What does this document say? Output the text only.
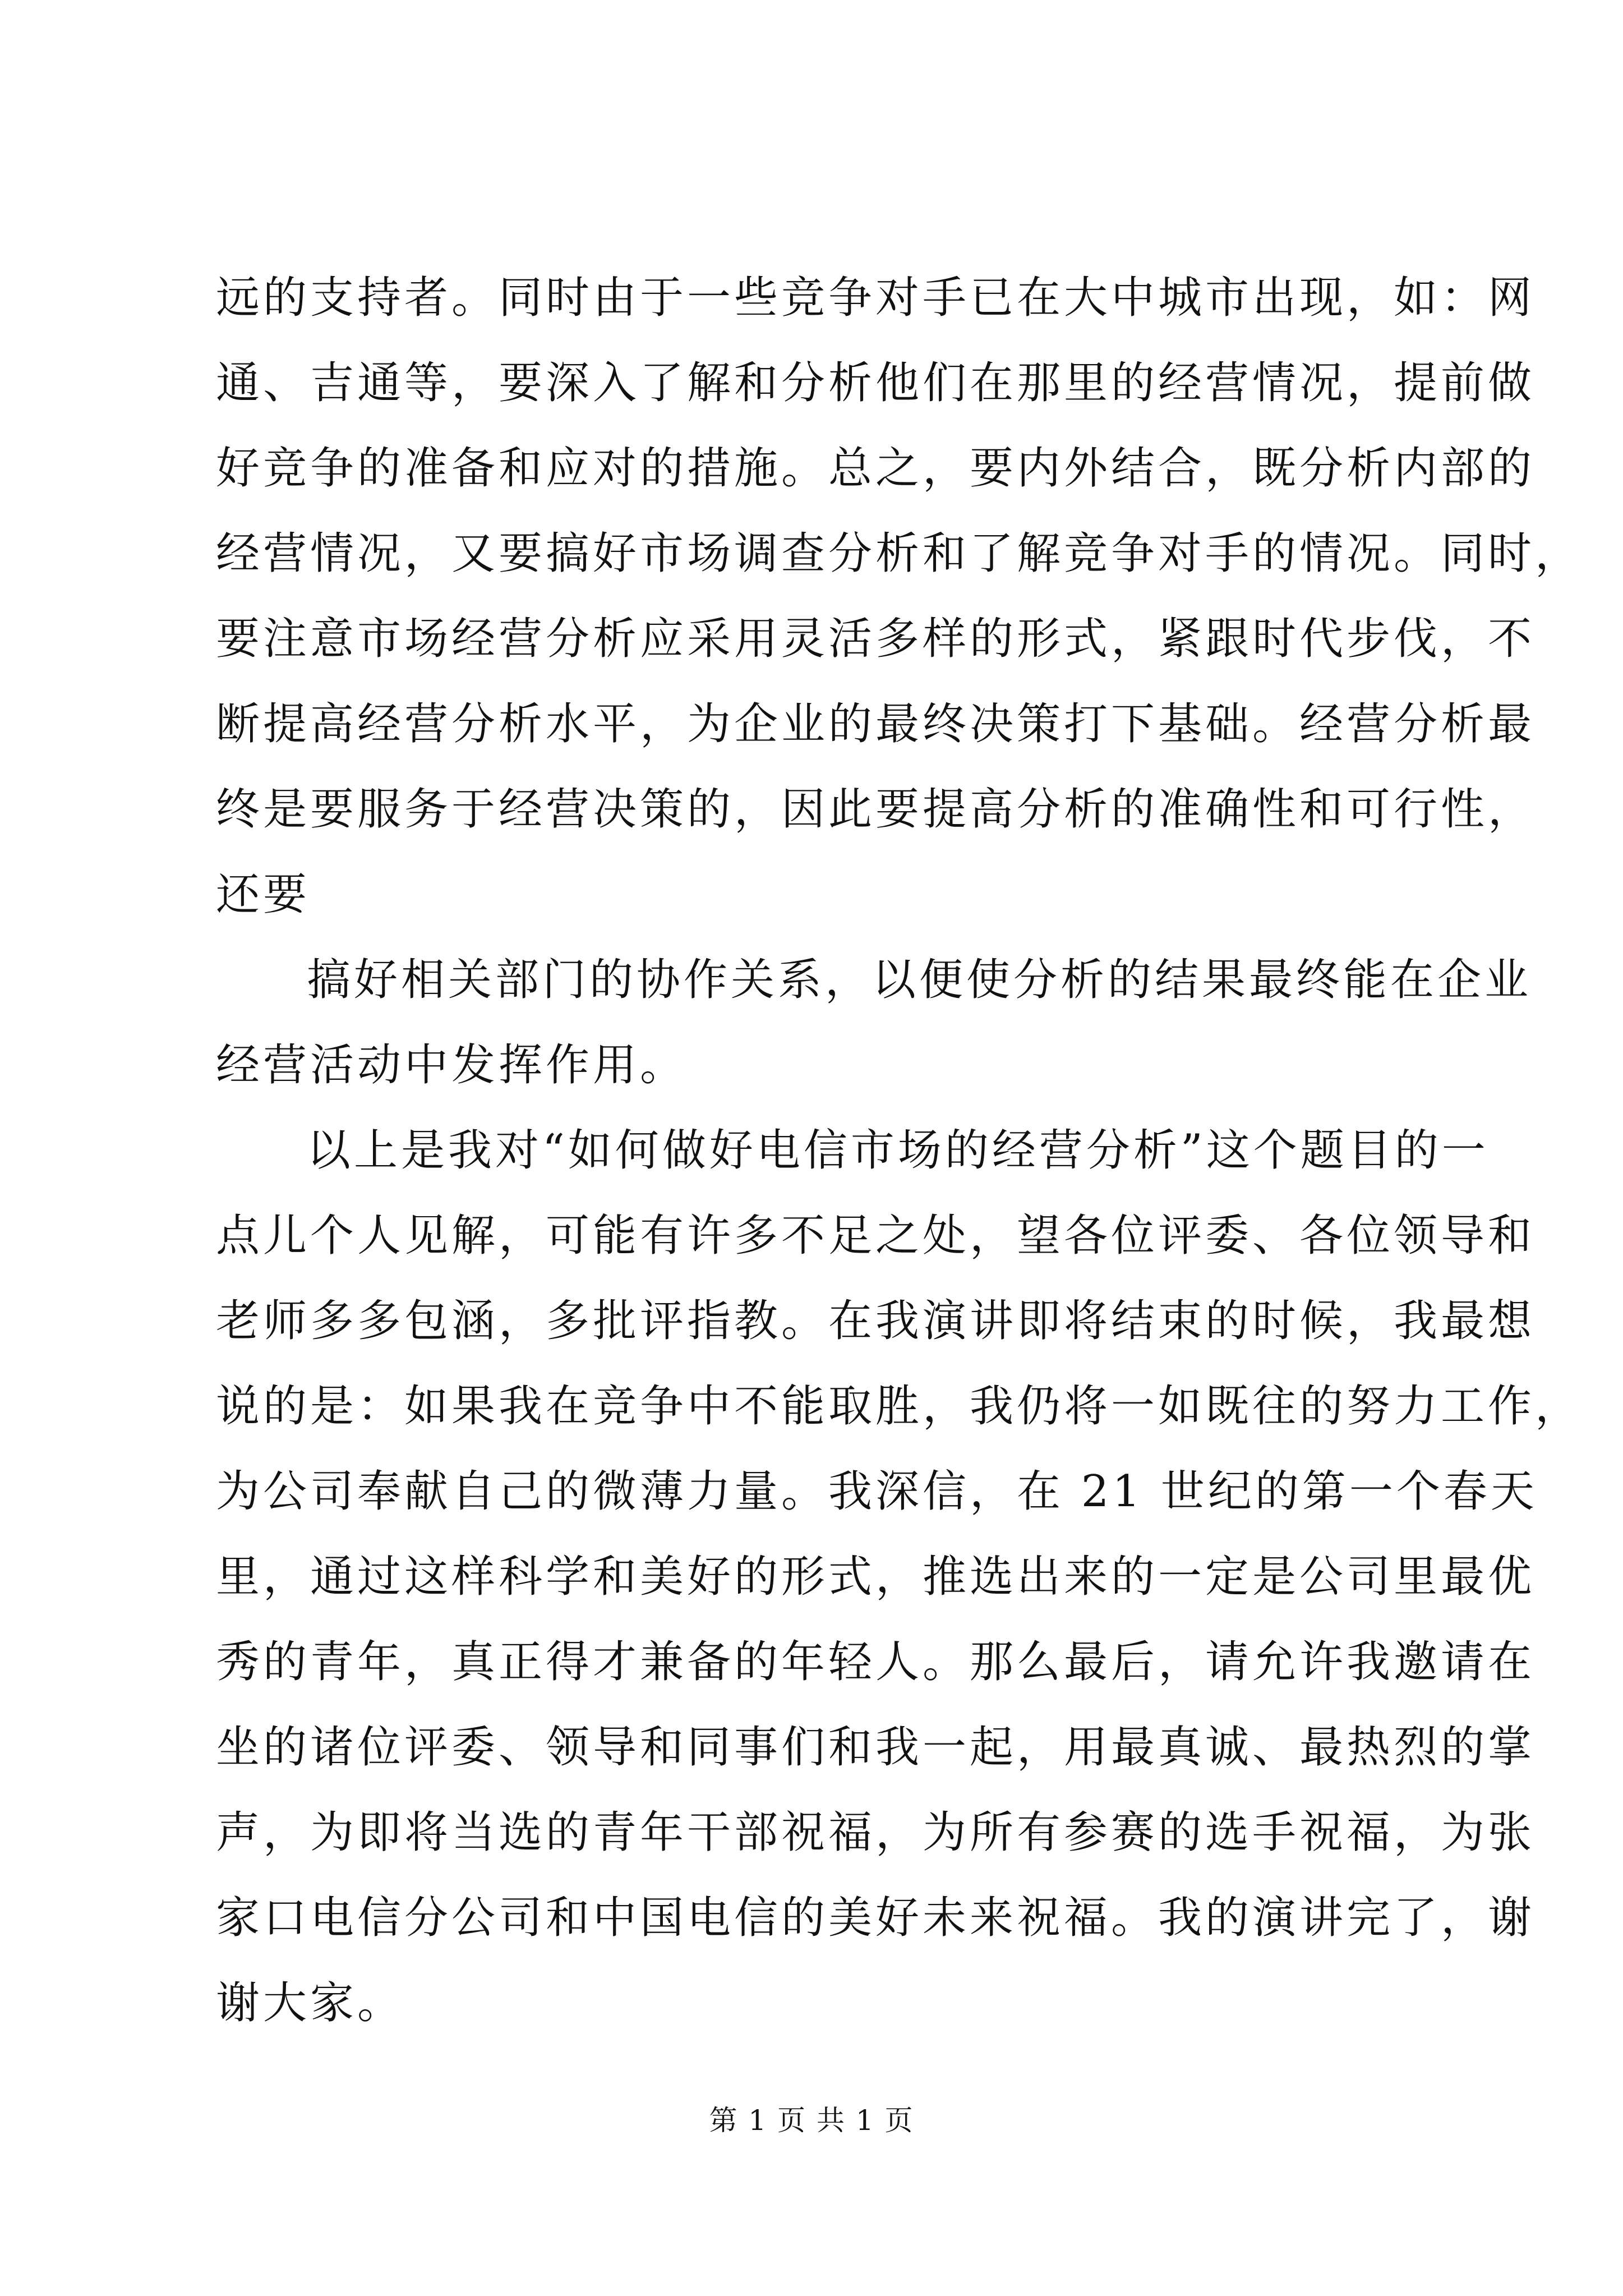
远的支持者。同时由于一些竞争对手已在大中城市出现，如：网
通、吉通等，要深入了解和分析他们在那里的经营情况，提前做
好竞争的准备和应对的措施。总之，要内外结合，既分析内部的
经营情况，又要搞好市场调查分析和了解竞争对手的情况。同时，
要注意市场经营分析应采用灵活多样的形式，紧跟时代步伐，不
断提高经营分析水平，为企业的最终决策打下基础。经营分析最
终是要服务于经营决策的，因此要提高分析的准确性和可行性，
还要
搞好相关部门的协作关系，以便使分析的结果最终能在企业
经营活动中发挥作用。
以上是我对“如何做好电信市场的经营分析”这个题目的一
点儿个人见解，可能有许多不足之处，望各位评委、各位领导和
老师多多包涵，多批评指教。在我演讲即将结束的时候，我最想
说的是：如果我在竞争中不能取胜，我仍将一如既往的努力工作，
为公司奉献自己的微薄力量。我深信，在 21 世纪的第一个春天
里，通过这样科学和美好的形式，推选出来的一定是公司里最优
秀的青年，真正得才兼备的年轻人。那么最后，请允许我邀请在
坐的诸位评委、领导和同事们和我一起，用最真诚、最热烈的掌
声，为即将当选的青年干部祝福，为所有参赛的选手祝福，为张
家口电信分公司和中国电信的美好未来祝福。我的演讲完了，谢
谢大家。
第 1 页 共 1 页
